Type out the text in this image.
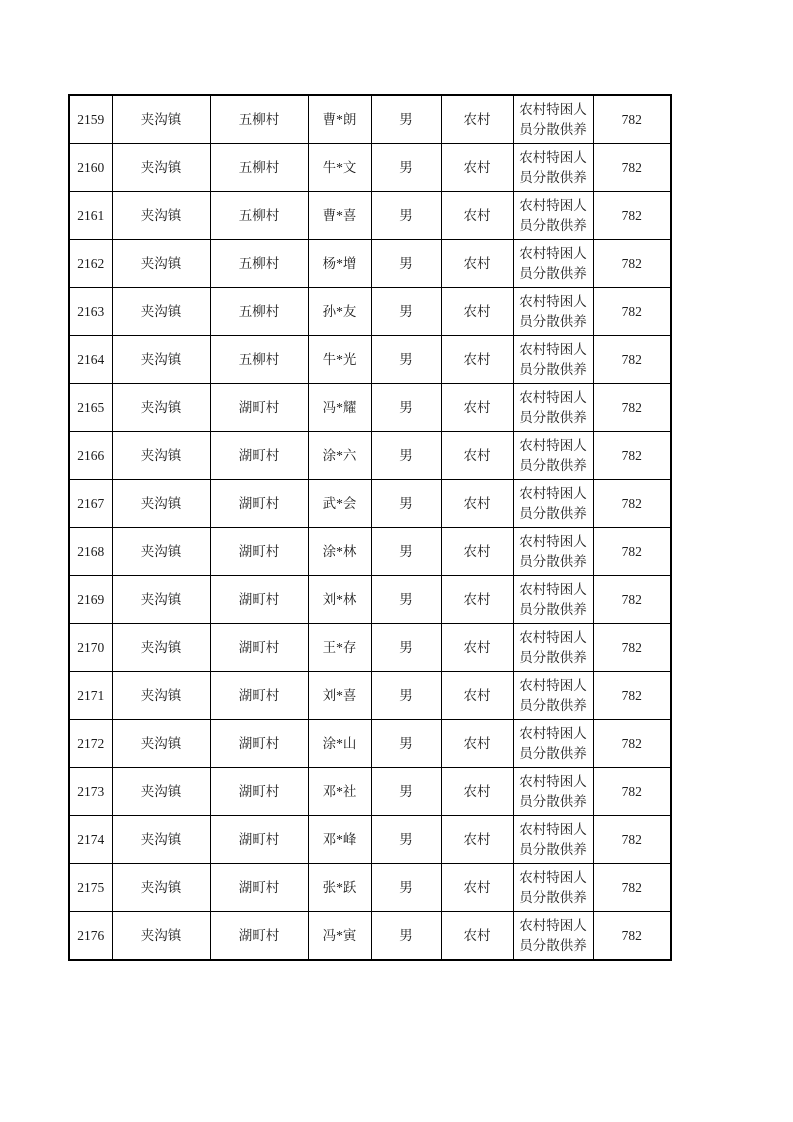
2159	夹沟镇	五柳村	曹*朗	男	农村	农村特困人员分散供养	782
2160	夹沟镇	五柳村	牛*文	男	农村	农村特困人员分散供养	782
2161	夹沟镇	五柳村	曹*喜	男	农村	农村特困人员分散供养	782
2162	夹沟镇	五柳村	杨*增	男	农村	农村特困人员分散供养	782
2163	夹沟镇	五柳村	孙*友	男	农村	农村特困人员分散供养	782
2164	夹沟镇	五柳村	牛*光	男	农村	农村特困人员分散供养	782
2165	夹沟镇	湖町村	冯*耀	男	农村	农村特困人员分散供养	782
2166	夹沟镇	湖町村	涂*六	男	农村	农村特困人员分散供养	782
2167	夹沟镇	湖町村	武*会	男	农村	农村特困人员分散供养	782
2168	夹沟镇	湖町村	涂*林	男	农村	农村特困人员分散供养	782
2169	夹沟镇	湖町村	刘*林	男	农村	农村特困人员分散供养	782
2170	夹沟镇	湖町村	王*存	男	农村	农村特困人员分散供养	782
2171	夹沟镇	湖町村	刘*喜	男	农村	农村特困人员分散供养	782
2172	夹沟镇	湖町村	涂*山	男	农村	农村特困人员分散供养	782
2173	夹沟镇	湖町村	邓*社	男	农村	农村特困人员分散供养	782
2174	夹沟镇	湖町村	邓*峰	男	农村	农村特困人员分散供养	782
2175	夹沟镇	湖町村	张*跃	男	农村	农村特困人员分散供养	782
2176	夹沟镇	湖町村	冯*寅	男	农村	农村特困人员分散供养	782
